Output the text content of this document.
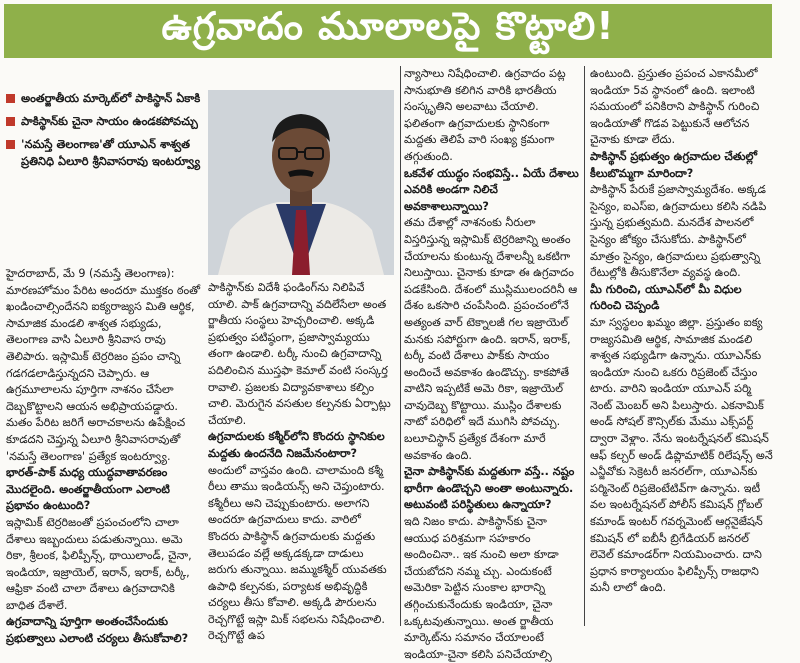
ఉగ్రవాదం మూలాలపై కొట్టాలి!
అంతర్జాతీయ మార్కెట్‌లో పాకిస్థాన్ ఏకాకి
పాకిస్థాన్‌కు చైనా సాయం ఉండకపోవచ్చు
'నమస్తే తెలంగాణ'తో యూఎన్ శాశ్వత ప్రతినిధి ఏలూరి శ్రీనివాసరావు ఇంటర్వ్యూ

హైదరాబాద్, మే 9 (నమస్తే తెలంగాణ): మారణహోమం పేరిట అందరూ ముక్తకం ఠంతో ఖండించాల్సిందేనని ఐక్యరాజ్యస మితి ఆర్థిక, సామాజిక మండలి శాశ్వత సభ్యుడు, తెలంగాణ వాసి ఏలూరి శ్రీనివాస రావు తెలిపారు. ఇస్లామిక్ టెర్రరిజం ప్రపం చాన్ని గడగడలాడిస్తున్నదని చెప్పారు. ఆ ఉగ్రమూలాలను పూర్తిగా నాశనం చేసేలా దెబ్బకొట్టాలని ఆయన అభిప్రాయపడ్డారు. మతం పేరిట జరిగే అరాచకాలను ఉపేక్షించ కూడదని చెప్తున్న ఏలూరి శ్రీనివాసరావుతో 'నమస్తే తెలంగాణ' ప్రత్యేక ఇంటర్వ్యూ.

భారత్-పాక్ మధ్య యుద్ధవాతావరణం మొదలైంది. అంతర్జాతీయంగా ఎలాంటి ప్రభావం ఉంటుంది?

ఇస్లామిక్ టెర్రరిజంతో ప్రపంచంలోని చాలా దేశాలు ఇబ్బందులు పడుతున్నాయి. అమె రికా, శ్రీలంక, ఫిలిప్పీన్స్, థాయిలాండ్, చైనా, ఇండియా, ఇజ్రాయెల్, ఇరాన్, ఇరాక్, టర్కీ, ఆఫ్రికా వంటి చాలా దేశాలు ఉగ్రవాదానికి బాధిత దేశాలే.

ఉగ్రవాదాన్ని పూర్తిగా అంతంచేసేందుకు ప్రభుత్వాలు ఎలాంటి చర్యలు తీసుకోవాలి?

పాకిస్థాన్‌కు విదేశీ ఫండింగ్‌ను నిలిపివే యాలి. పాక్ ఉగ్రవాదాన్ని వదిలేసేలా అంత ర్జాతీయ సంస్థలు హెచ్చరించాలి. అక్కడి ప్రభుత్వం పటిష్ఠంగా, ప్రజాస్వామ్యయు తంగా ఉండాలి. టర్కీ నుంచి ఉగ్రవాదాన్ని పదిలించిన ముస్తఫా కెమాల్ వంటి సంస్కర్త రావాలి. ప్రజలకు విద్యావకాశాలు కల్పిం చాలి. మెరుగైన వసతుల కల్పనకు ఏర్పాట్లు చేయాలి.

ఉగ్రవాదులకు కశ్మీర్‌లోని కొందరు స్థానికుల మద్దతు ఉందనేది నిజమేనంటారా?

అందులో వాస్తవం ఉంది. చాలామంది కశ్మీ రీలు తాము ఇండియన్స్ అని చెప్తుంటారు. కశ్మీరీలు అని చెప్పుకుంటారు. అలాగని అందరూ ఉగ్రవాదులు కాదు. వారిలో కొందరు పాకిస్థాన్ ఉగ్రవాదులకు మద్దతు తెలుపడం వల్లే అక్కడక్కడా దాడులు జరుగు తున్నాయి. జమ్ముకశ్మీర్ యువతకు ఉపాధి కల్పనకు, పర్యాటక అభివృద్ధికి చర్యలు తీసు కోవాలి. అక్కడి పౌరులను రెచ్చగొట్టే ఇస్లా మిక్ సభలను నిషేధించాలి. రెచ్చగొట్టే ఉప

న్యాసాలు నిషేధించాలి. ఉగ్రవాదం పట్ల సానుభూతి కలిగిన వారికి భారతీయ సంస్కృతిని అలవాటు చేయాలి. ఫలితంగా ఉగ్రవాదులకు స్థానికంగా మద్దతు తెలిపే వారి సంఖ్య క్రమంగా తగ్గుతుంది.

ఒకవేళ యుద్ధం సంభవిస్తే.. ఏయే దేశాలు ఎవరికి అండగా నిలిచే అవకాశాలున్నాయి?

తమ దేశాల్లో నాశనంకు నీరులా విస్తరిస్తున్న ఇస్లామిక్ టెర్రరిజాన్ని అంతం చేయాలను కుంటున్న దేశాలన్నీ ఒకటిగా నిలుస్తాయి. చైనాకు కూడా ఈ ఉగ్రవాదం పడకేసింది. దేశంలో ముస్లిములందరినీ ఆ దేశం ఒకసారి చంపేసింది. ప్రపంచంలోనే అత్యంత వార్ టెక్నాలజీ గల ఇజ్రాయెల్ మనకు సపోర్టుగా ఉంది. ఇరాన్, ఇరాక్, టర్కీ వంటి దేశాలు పాక్‌కు సాయం అందించే అవకాశం ఉండొచ్చు. కాకపోతే వాటిని ఇప్పటికే అమె రికా, ఇజ్రాయెల్ చావుదెబ్బ కొట్టాయి. ముస్లిం దేశాలకు నాటో పరిధిలో ఇదే ముగిసి పోవచ్చు. బలూచిస్థాన్ ప్రత్యేక దేశంగా మారే అవకాశం ఉంది.

చైనా పాకిస్థాన్‌కు మద్దతుగా వస్తే.. నష్టం భారీగా ఉండొచ్చని అంతా అంటున్నారు. అటువంటి పరిస్థితులు ఉన్నాయా?

ఇది నిజం కాదు. పాకిస్థాన్‌కు చైనా ఆయుధ పరిశ్రమగా సహకారం అందించినా.. ఇక నుంచి అలా కూడా చేయబోదని నమ్మ చ్చు. ఎందుకంటే అమెరికా పెట్టిన సుంకాల భారాన్ని తగ్గించుకునేందుకు ఇండియా, చైనా ఒక్కటవుతున్నాయి. అంత ర్జాతీయ మార్కెట్‌ను సమానం చేయాలంటే ఇండియా-చైనా కలిసి పనిచేయాల్సి

ఉంటుంది. ప్రస్తుతం ప్రపంచ ఎకానమీలో ఇండియా 5వ స్థానంలో ఉంది. ఇలాంటి సమయంలో పనికిరాని పాకిస్థాన్ గురించి ఇండియాతో గొడవ పెట్టుకునే ఆలోచన చైనాకు కూడా లేదు.

పాకిస్థాన్ ప్రభుత్వం ఉగ్రవాదుల చేతుల్లో కీలుబొమ్మగా మారిందా?

పాకిస్థాన్ పేరుకే ప్రజాస్వామ్యదేశం. అక్కడ సైన్యం, ఐఎస్ఐ, ఉగ్రవాదులు కలిసి నడిపి స్తున్న ప్రభుత్వమది. మనదేశ పాలనలో సైన్యం జోక్యం చేసుకోదు. పాకిస్థాన్‌లో మాత్రం సైన్యం, ఉగ్రవాదులు ప్రభుత్వాన్ని రేటుల్లోకి తీసుకొనేలా వ్యవస్థ ఉంది.

మీ గురించి, యూఎన్‌లో మీ విధుల గురించి చెప్పండి

మా స్వస్థలం ఖమ్మం జిల్లా. ప్రస్తుతం ఐక్య రాజ్యసమితి ఆర్థిక, సామాజిక మండలి శాశ్వత సభ్యుడిగా ఉన్నాను. యూఎన్‌కు ఇండియా నుంచి ఒకరు రిప్రజెంట్ చేస్తుం టారు. వారిని ఇండియా యూఎన్ పర్మి నెంట్ మెంబర్ అని పిలుస్తారు. ఎకనామిక్ అండ్ సోషల్ కౌన్సిల్‌కు మేము ఎక్స్‌పర్ట్ ద్వారా వెళ్లాం. నేను ఇంటర్నేషనల్ కమిషన్ ఆఫ్ కల్చర్ అండ్ డిప్లొమాటిక్ రిలేషన్స్ అనే ఎన్జీవోకు సెక్రెటరీ జనరల్‌గా, యూఎన్‌కు పర్మినెంట్ రిప్రజెంటేటివ్‌గా ఉన్నాను. ఇటీ వల ఇంటర్నేషనల్ పోలీస్ కమిషన్ గ్లోబల్ కమాండ్ ఇంటర్ గవర్నమెంట్ ఆర్గనైజేషన్ కమిషన్ లో ఐబీసీ బ్రిగేడియర్ జనరల్ లెవెల్ కమాండర్‌గా నియమించారు. దాని ప్రధాన కార్యాలయం ఫిలిప్పీన్స్ రాజధాని మనీ లాలో ఉంది.
